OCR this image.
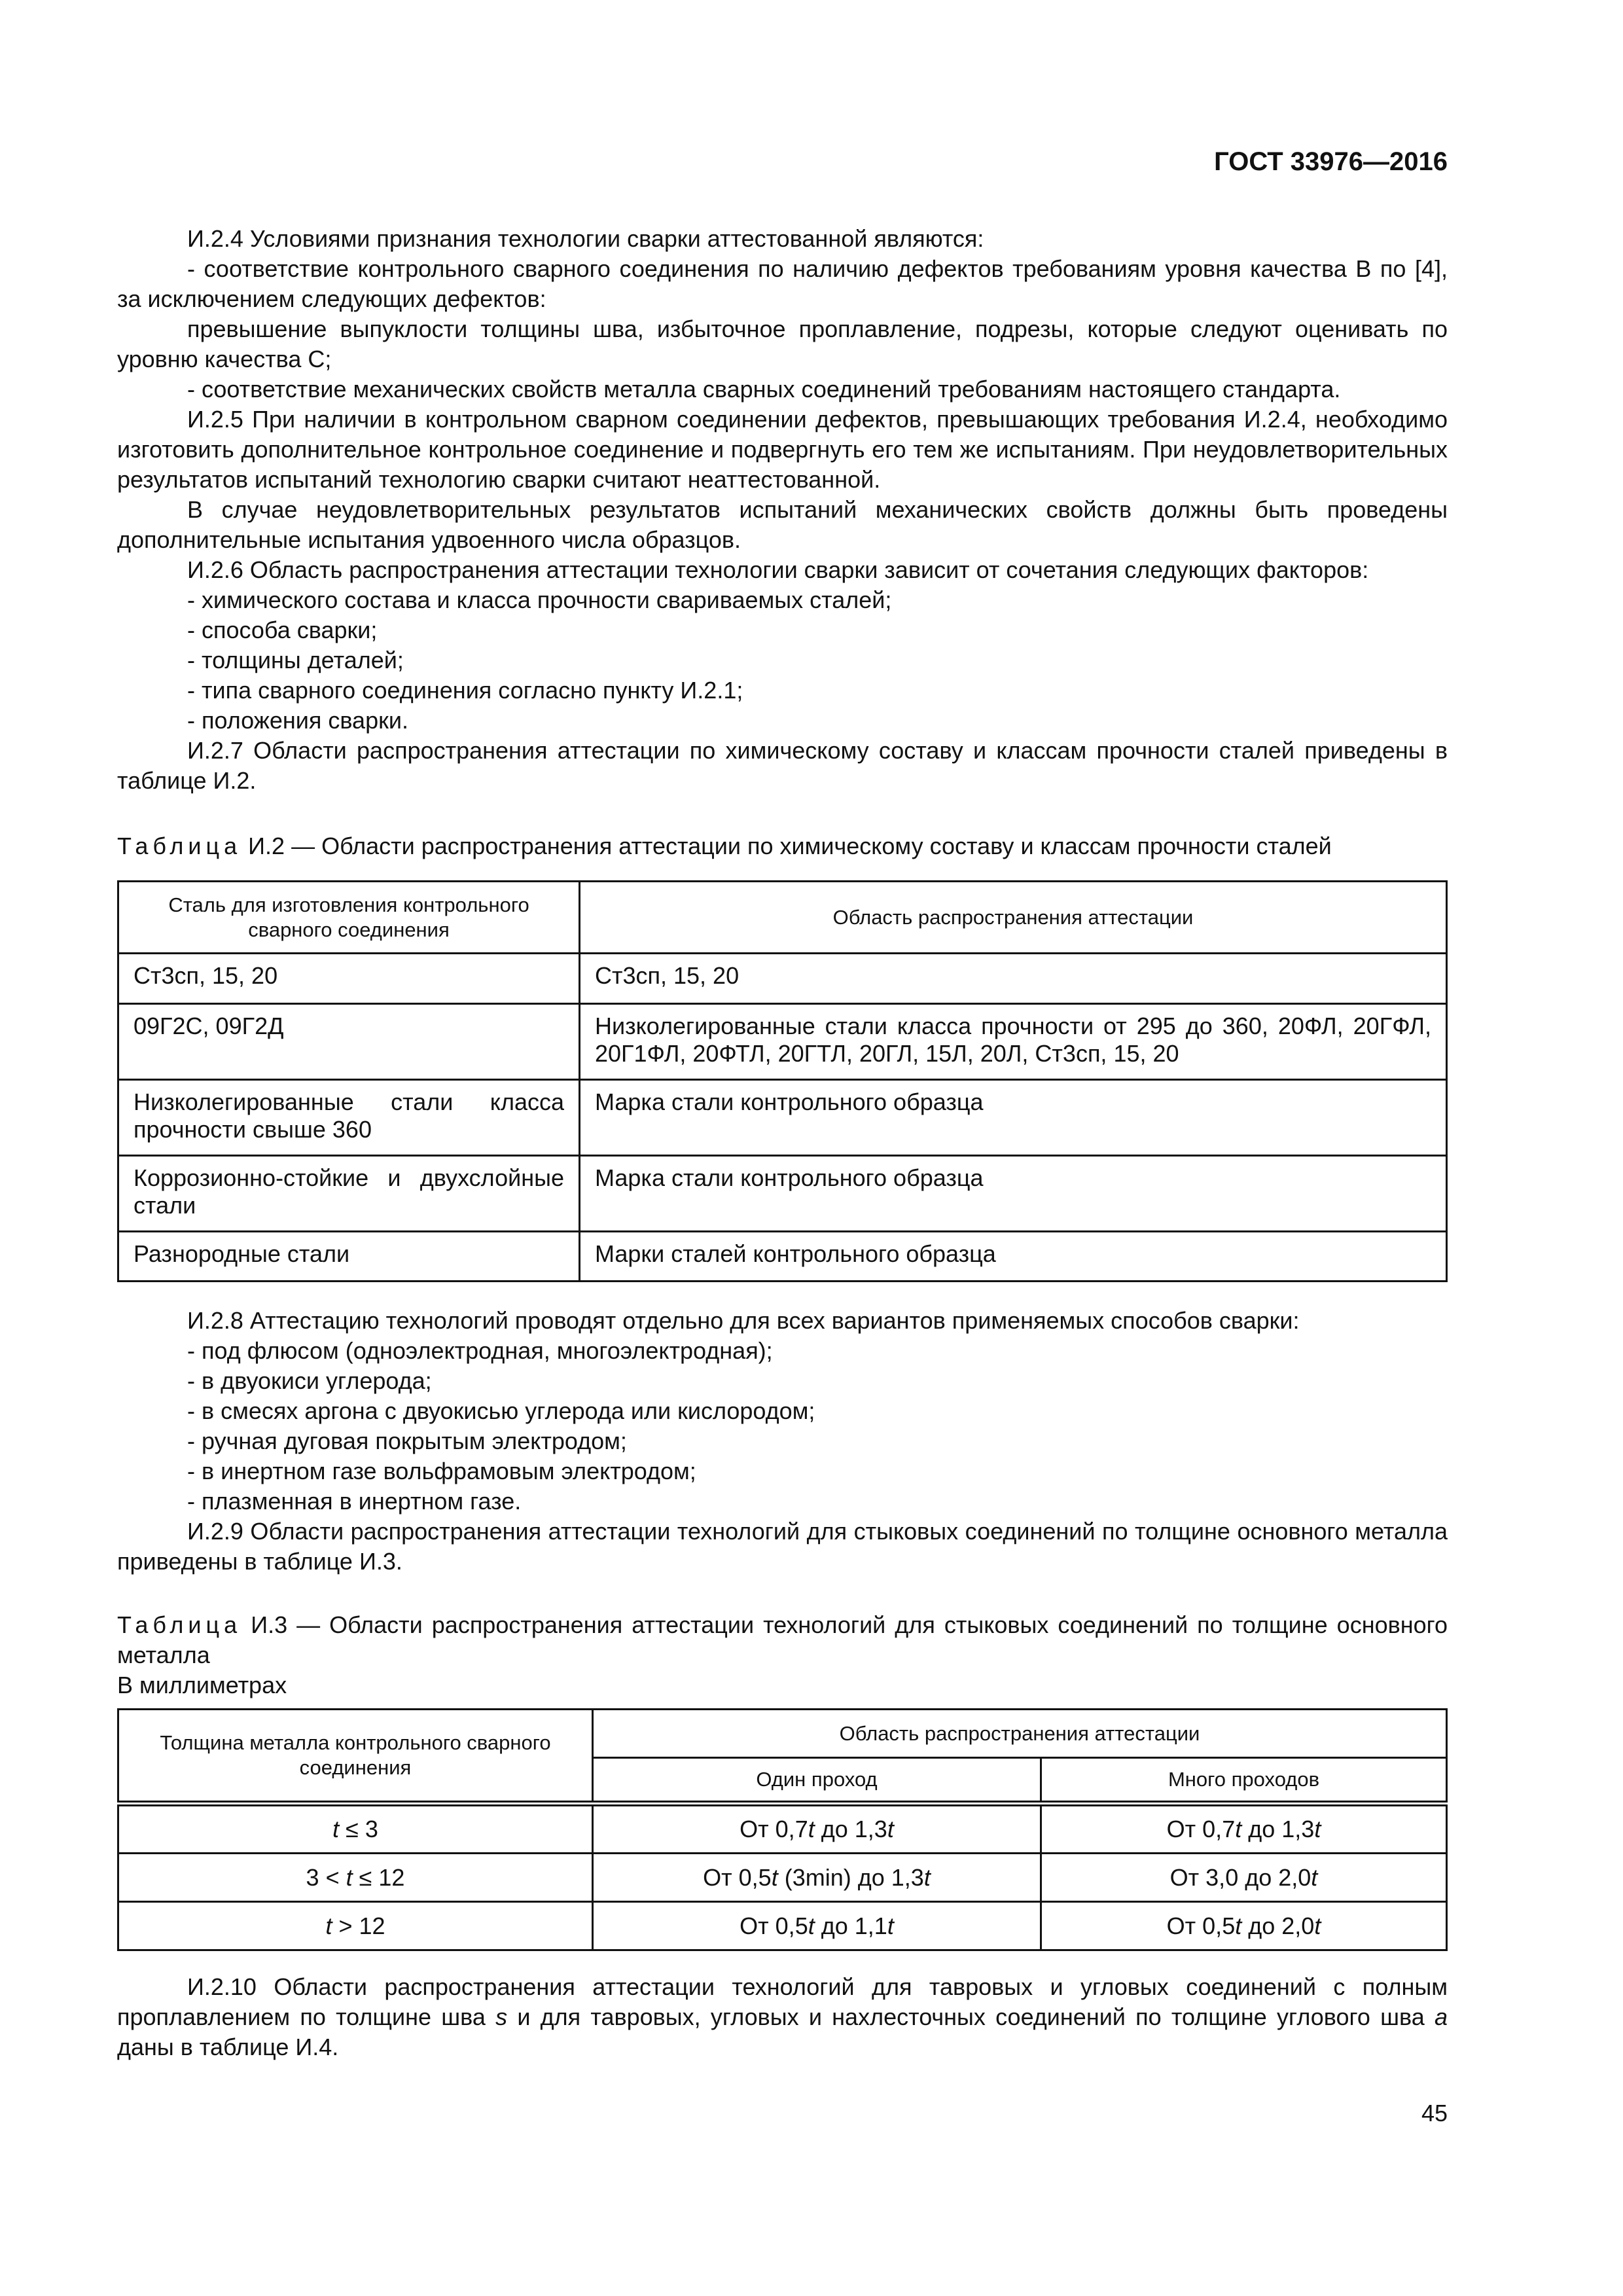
ГОСТ 33976—2016

И.2.4 Условиями признания технологии сварки аттестованной являются:

- соответствие контрольного сварного соединения по наличию дефектов требованиям уровня качества В по [4], за исключением следующих дефектов:

превышение выпуклости толщины шва, избыточное проплавление, подрезы, которые следуют оценивать по уровню качества С;

- соответствие механических свойств металла сварных соединений требованиям настоящего стандарта.

И.2.5 При наличии в контрольном сварном соединении дефектов, превышающих требования И.2.4, необходимо изготовить дополнительное контрольное соединение и подвергнуть его тем же испытаниям. При неудовлетворительных результатов испытаний технологию сварки считают неаттестованной.

В случае неудовлетворительных результатов испытаний механических свойств должны быть проведены дополнительные испытания удвоенного числа образцов.

И.2.6 Область распространения аттестации технологии сварки зависит от сочетания следующих факторов:

- химического состава и класса прочности свариваемых сталей;

- способа сварки;

- толщины деталей;

- типа сварного соединения согласно пункту И.2.1;

- положения сварки.

И.2.7 Области распространения аттестации по химическому составу и классам прочности сталей приведены в таблице И.2.

Таблица И.2 — Области распространения аттестации по химическому составу и классам прочности сталей

Сталь для изготовления контрольного сварного соединения	Область распространения аттестации
Ст3сп, 15, 20	Ст3сп, 15, 20
09Г2С, 09Г2Д	Низколегированные стали класса прочности от 295 до 360, 20ФЛ, 20ГФЛ, 20Г1ФЛ, 20ФТЛ, 20ГТЛ, 20ГЛ, 15Л, 20Л, Ст3сп, 15, 20
Низколегированные стали класса прочности свыше 360	Марка стали контрольного образца
Коррозионно-стойкие и двухслойные стали	Марка стали контрольного образца
Разнородные стали	Марки сталей контрольного образца

И.2.8 Аттестацию технологий проводят отдельно для всех вариантов применяемых способов сварки:

- под флюсом (одноэлектродная, многоэлектродная);

- в двуокиси углерода;

- в смесях аргона с двуокисью углерода или кислородом;

- ручная дуговая покрытым электродом;

- в инертном газе вольфрамовым электродом;

- плазменная в инертном газе.

И.2.9 Области распространения аттестации технологий для стыковых соединений по толщине основного металла приведены в таблице И.3.

Таблица И.3 — Области распространения аттестации технологий для стыковых соединений по толщине основного металла

В миллиметрах

Толщина металла контрольного сварного соединения	Область распространения аттестации	
	Один проход	Много проходов
t ≤ 3	От 0,7t до 1,3t	От 0,7t до 1,3t
3 < t ≤ 12	От 0,5t (3min) до 1,3t	От 3,0 до 2,0t
t > 12	От 0,5t до 1,1t	От 0,5t до 2,0t

И.2.10 Области распространения аттестации технологий для тавровых и угловых соединений с полным проплавлением по толщине шва s и для тавровых, угловых и нахлесточных соединений по толщине углового шва a даны в таблице И.4.

45
